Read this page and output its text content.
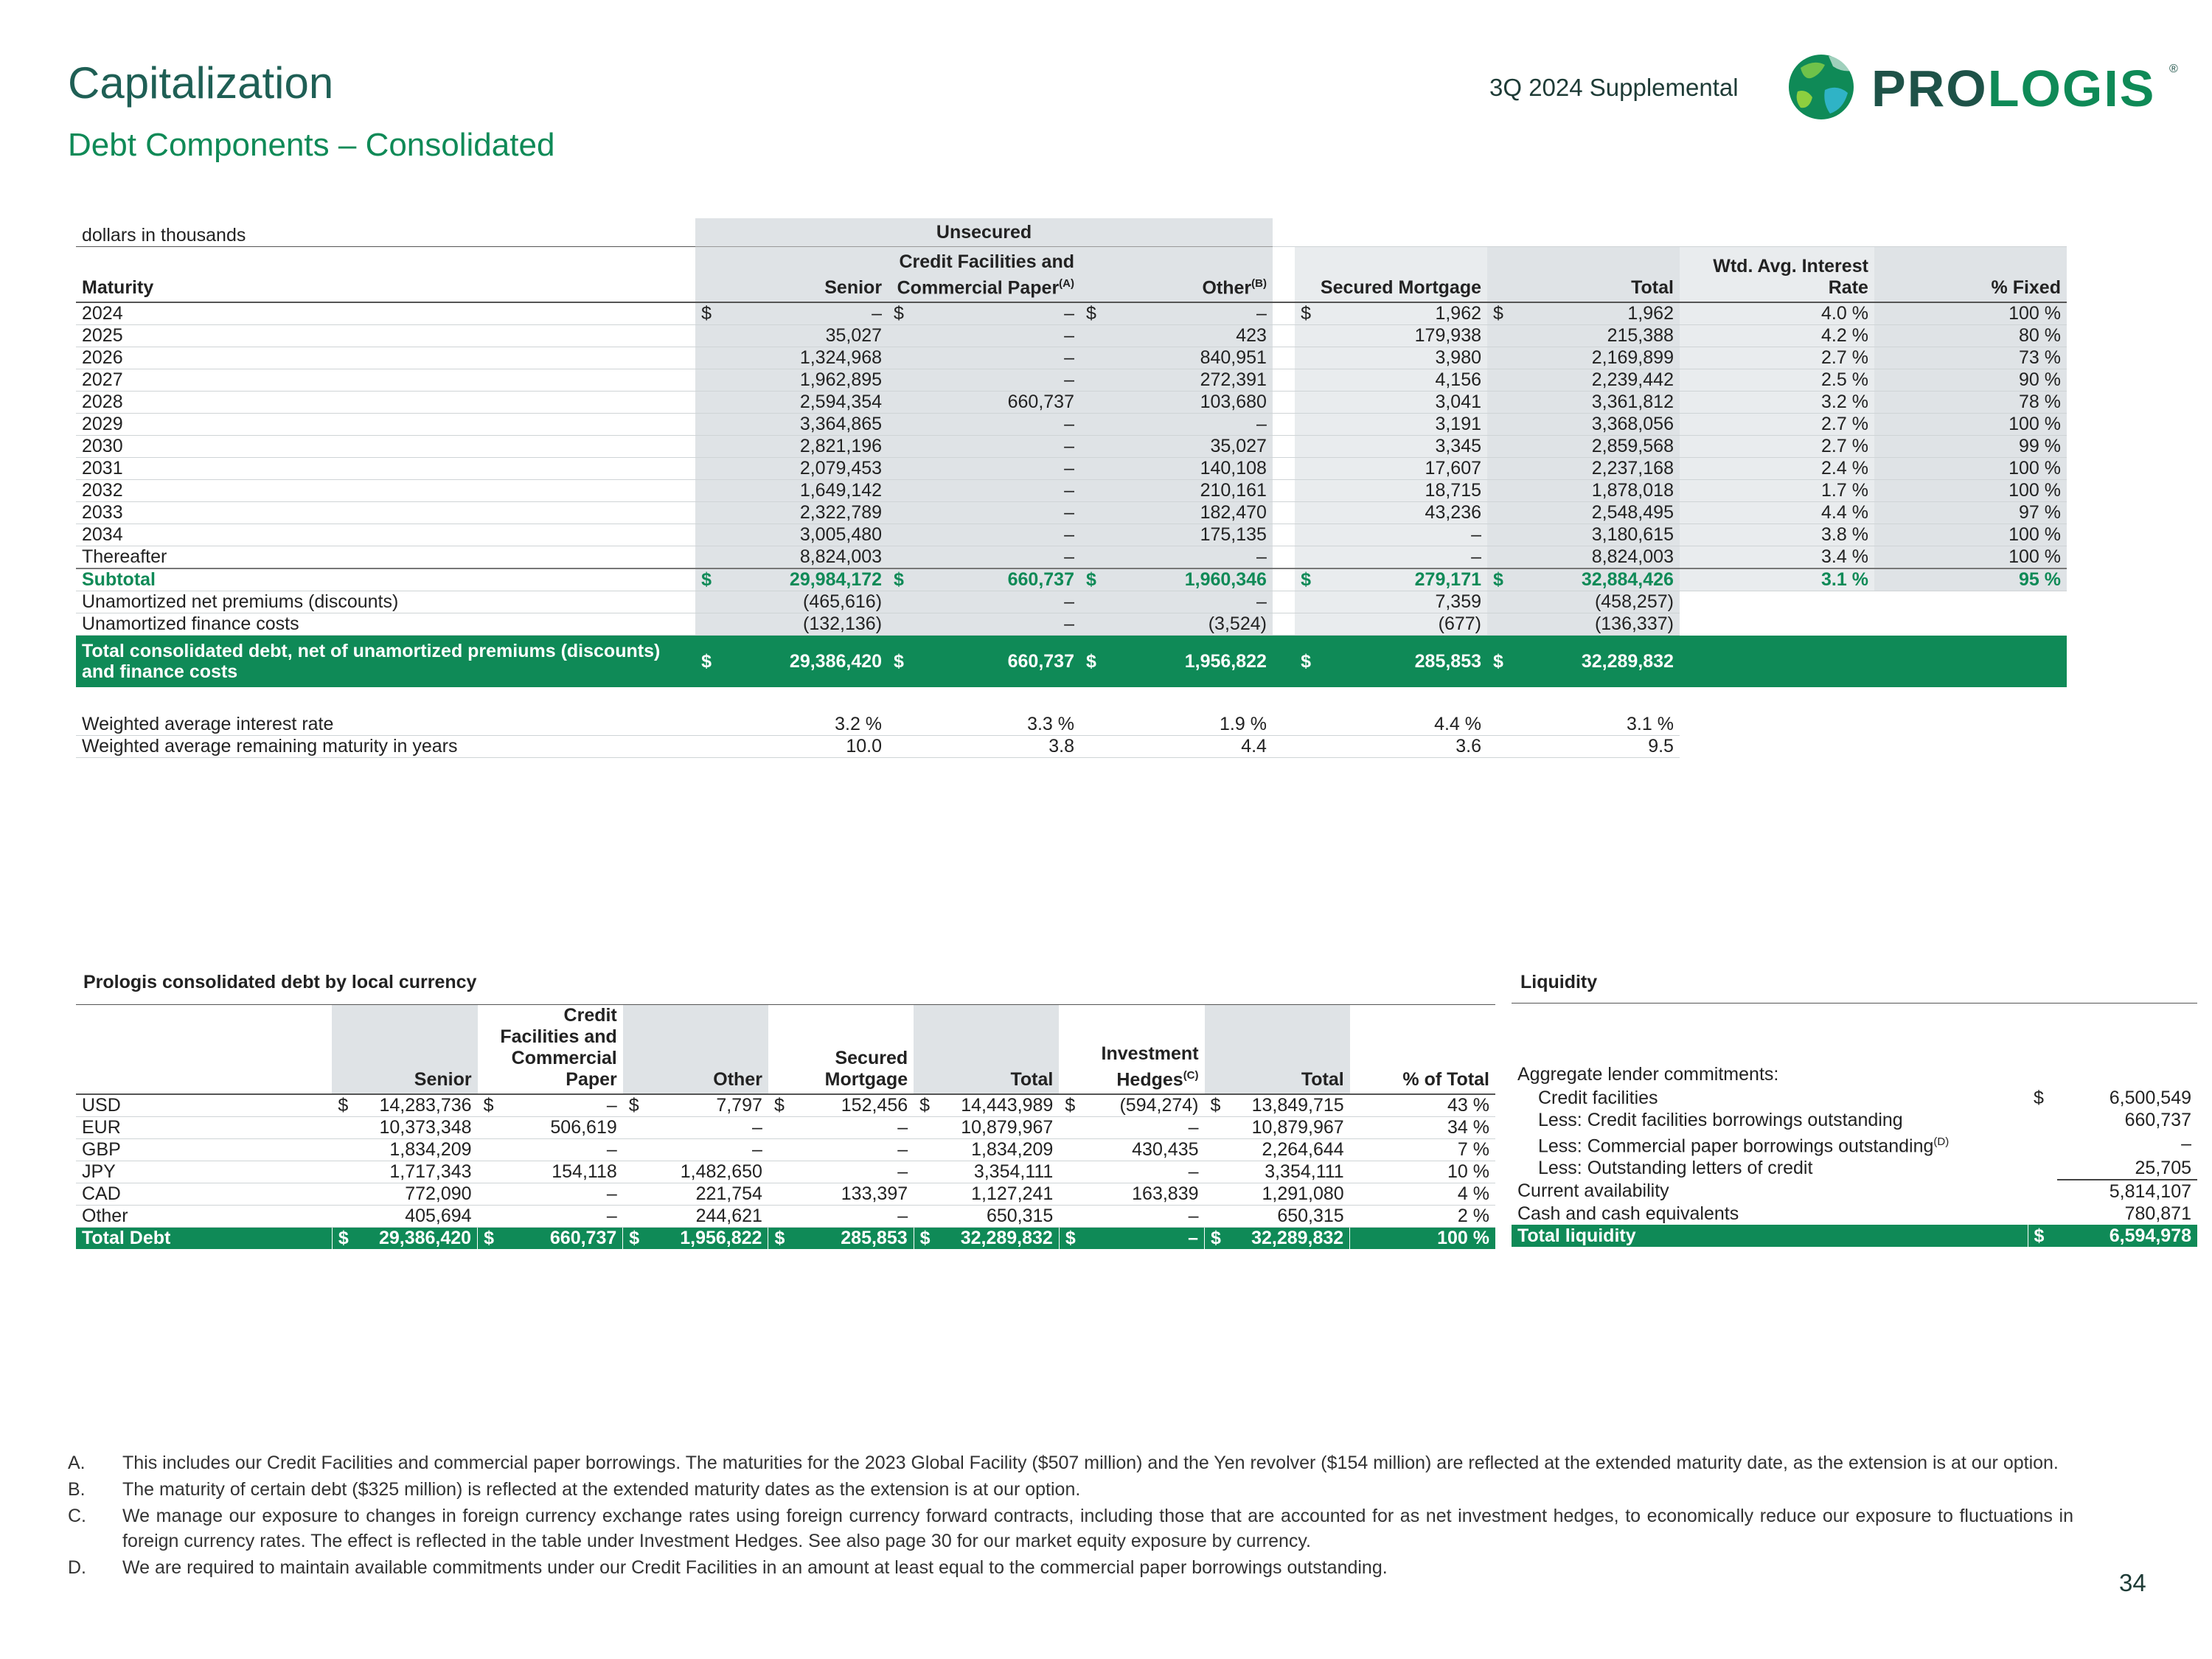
Capitalization
Debt Components – Consolidated
3Q 2024 Supplemental	PROLOGIS ®
dollars in thousands	Unsecured												
Maturity	Senior		Credit Facilities and Commercial Paper$^{(A)}$		Other$^{(B)}$			Secured Mortgage		Total		Wtd. Avg. Interest Rate	% Fixed
2024	$	–	$	–	$	–		$	1,962	$	1,962	4.0 %	100 %
2025		35,027		–		423			179,938		215,388	4.2 %	80 %
2026		1,324,968		–		840,951			3,980		2,169,899	2.7 %	73 %
2027		1,962,895		–		272,391			4,156		2,239,442	2.5 %	90 %
2028		2,594,354		660,737		103,680			3,041		3,361,812	3.2 %	78 %
2029		3,364,865		–		–			3,191		3,368,056	2.7 %	100 %
2030		2,821,196		–		35,027			3,345		2,859,568	2.7 %	99 %
2031		2,079,453		–		140,108			17,607		2,237,168	2.4 %	100 %
2032		1,649,142		–		210,161			18,715		1,878,018	1.7 %	100 %
2033		2,322,789		–		182,470			43,236		2,548,495	4.4 %	97 %
2034		3,005,480		–		175,135			–		3,180,615	3.8 %	100 %
Thereafter		8,824,003		–		–			–		8,824,003	3.4 %	100 %
Subtotal	$	29,984,172	$	660,737	$	1,960,346		$	279,171	$	32,884,426	3.1 %	95 %
Unamortized net premiums (discounts)		(465,616)		–		–			7,359		(458,257)		
Unamortized finance costs		(132,136)		–		(3,524)			(677)		(136,337)		
Total consolidated debt, net of unamortized premiums (discounts) and finance costs	$	29,386,420	$	660,737	$	1,956,822		$	285,853	$	32,289,832		

Weighted average interest rate		3.2 %		3.3 %		1.9 %			4.4 %		3.1 %		
Weighted average remaining maturity in years		10.0		3.8		4.4			3.6		9.5		
Prologis consolidated debt by local currency

	Senior	Credit Facilities and Commercial Paper	Other	Secured Mortgage	Total	Investment Hedges$^{(C)}$	Total	% of Total
USD	$ 14,283,736	$ –	$ 7,797	$ 152,456	$ 14,443,989	$ (594,274)	$ 13,849,715	43 %
EUR	10,373,348	506,619	–	–	10,879,967	–	10,879,967	34 %
GBP	1,834,209	–	–	–	1,834,209	430,435	2,264,644	7 %
JPY	1,717,343	154,118	1,482,650	–	3,354,111	–	3,354,111	10 %
CAD	772,090	–	221,754	133,397	1,127,241	163,839	1,291,080	4 %
Other	405,694	–	244,621	–	650,315	–	650,315	2 %
Total Debt	$ 29,386,420	$ 660,737	$ 1,956,822	$ 285,853	$ 32,289,832	$ –	$ 32,289,832	100 %
Liquidity
Aggregate lender commitments:		
Credit facilities	$	6,500,549
Less: Credit facilities borrowings outstanding		660,737
Less: Commercial paper borrowings outstanding$^{(D)}$		–
Less: Outstanding letters of credit		25,705
Current availability		5,814,107
Cash and cash equivalents		780,871
Total liquidity	$	6,594,978
A.	This includes our Credit Facilities and commercial paper borrowings. The maturities for the 2023 Global Facility ($507 million) and the Yen revolver ($154 million) are reflected at the extended maturity date, as the extension is at our option.
B.	The maturity of certain debt ($325 million) is reflected at the extended maturity dates as the extension is at our option.
C.	We manage our exposure to changes in foreign currency exchange rates using foreign currency forward contracts, including those that are accounted for as net investment hedges, to economically reduce our exposure to fluctuations in foreign currency rates. The effect is reflected in the table under Investment Hedges. See also page 30 for our market equity exposure by currency.
D.	We are required to maintain available commitments under our Credit Facilities in an amount at least equal to the commercial paper borrowings outstanding.
34
